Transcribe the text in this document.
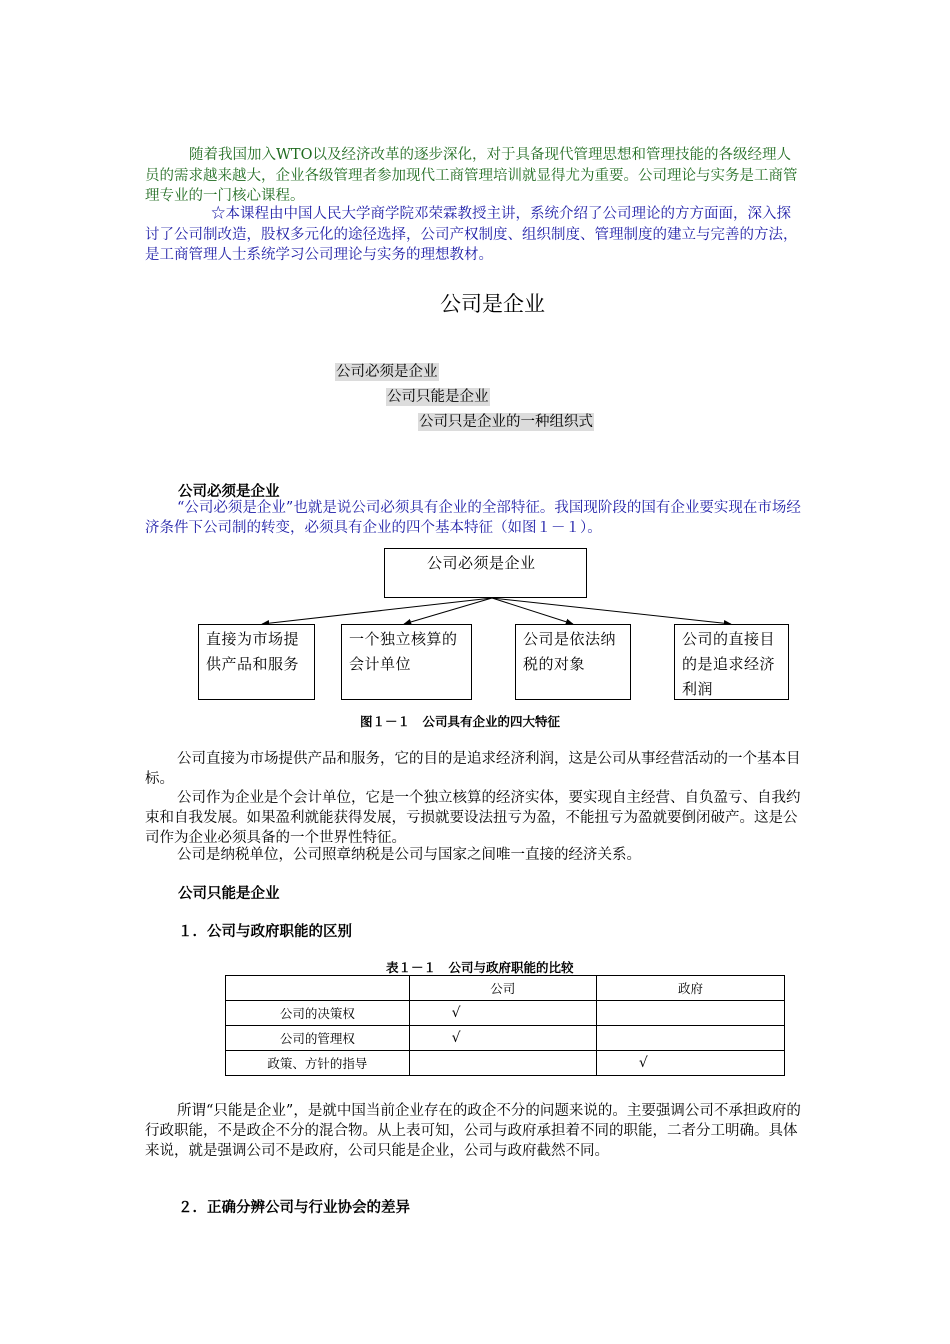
随着我国加入WTO以及经济改革的逐步深化，对于具备现代管理思想和管理技能的各级经理人员的需求越来越大，企业各级管理者参加现代工商管理培训就显得尤为重要。公司理论与实务是工商管理专业的一门核心课程。
☆本课程由中国人民大学商学院邓荣霖教授主讲，系统介绍了公司理论的方方面面，深入探讨了公司制改造，股权多元化的途径选择，公司产权制度、组织制度、管理制度的建立与完善的方法，是工商管理人士系统学习公司理论与实务的理想教材。
公司是企业
公司必须是企业
公司只能是企业
公司只是企业的一种组织式
公司必须是企业
“公司必须是企业”也就是说公司必须具有企业的全部特征。我国现阶段的国有企业要实现在市场经济条件下公司制的转变，必须具有企业的四个基本特征（如图１－１）。
公司必须是企业
直接为市场提供产品和服务
一个独立核算的会计单位
公司是依法纳税的对象
公司的直接目的是追求经济利润
图１－１　公司具有企业的四大特征
公司直接为市场提供产品和服务，它的目的是追求经济利润，这是公司从事经营活动的一个基本目标。
公司作为企业是个会计单位，它是一个独立核算的经济实体，要实现自主经营、自负盈亏、自我约束和自我发展。如果盈利就能获得发展，亏损就要设法扭亏为盈，不能扭亏为盈就要倒闭破产。这是公司作为企业必须具备的一个世界性特征。
公司是纳税单位，公司照章纳税是公司与国家之间唯一直接的经济关系。
公司只能是企业
１．公司与政府职能的区别
表１－１　公司与政府职能的比较
	公司	政府
公司的决策权	√	
公司的管理权	√	
政策、方针的指导		√
所谓“只能是企业”，是就中国当前企业存在的政企不分的问题来说的。主要强调公司不承担政府的行政职能，不是政企不分的混合物。从上表可知，公司与政府承担着不同的职能，二者分工明确。具体来说，就是强调公司不是政府，公司只能是企业，公司与政府截然不同。
２．正确分辨公司与行业协会的差异
